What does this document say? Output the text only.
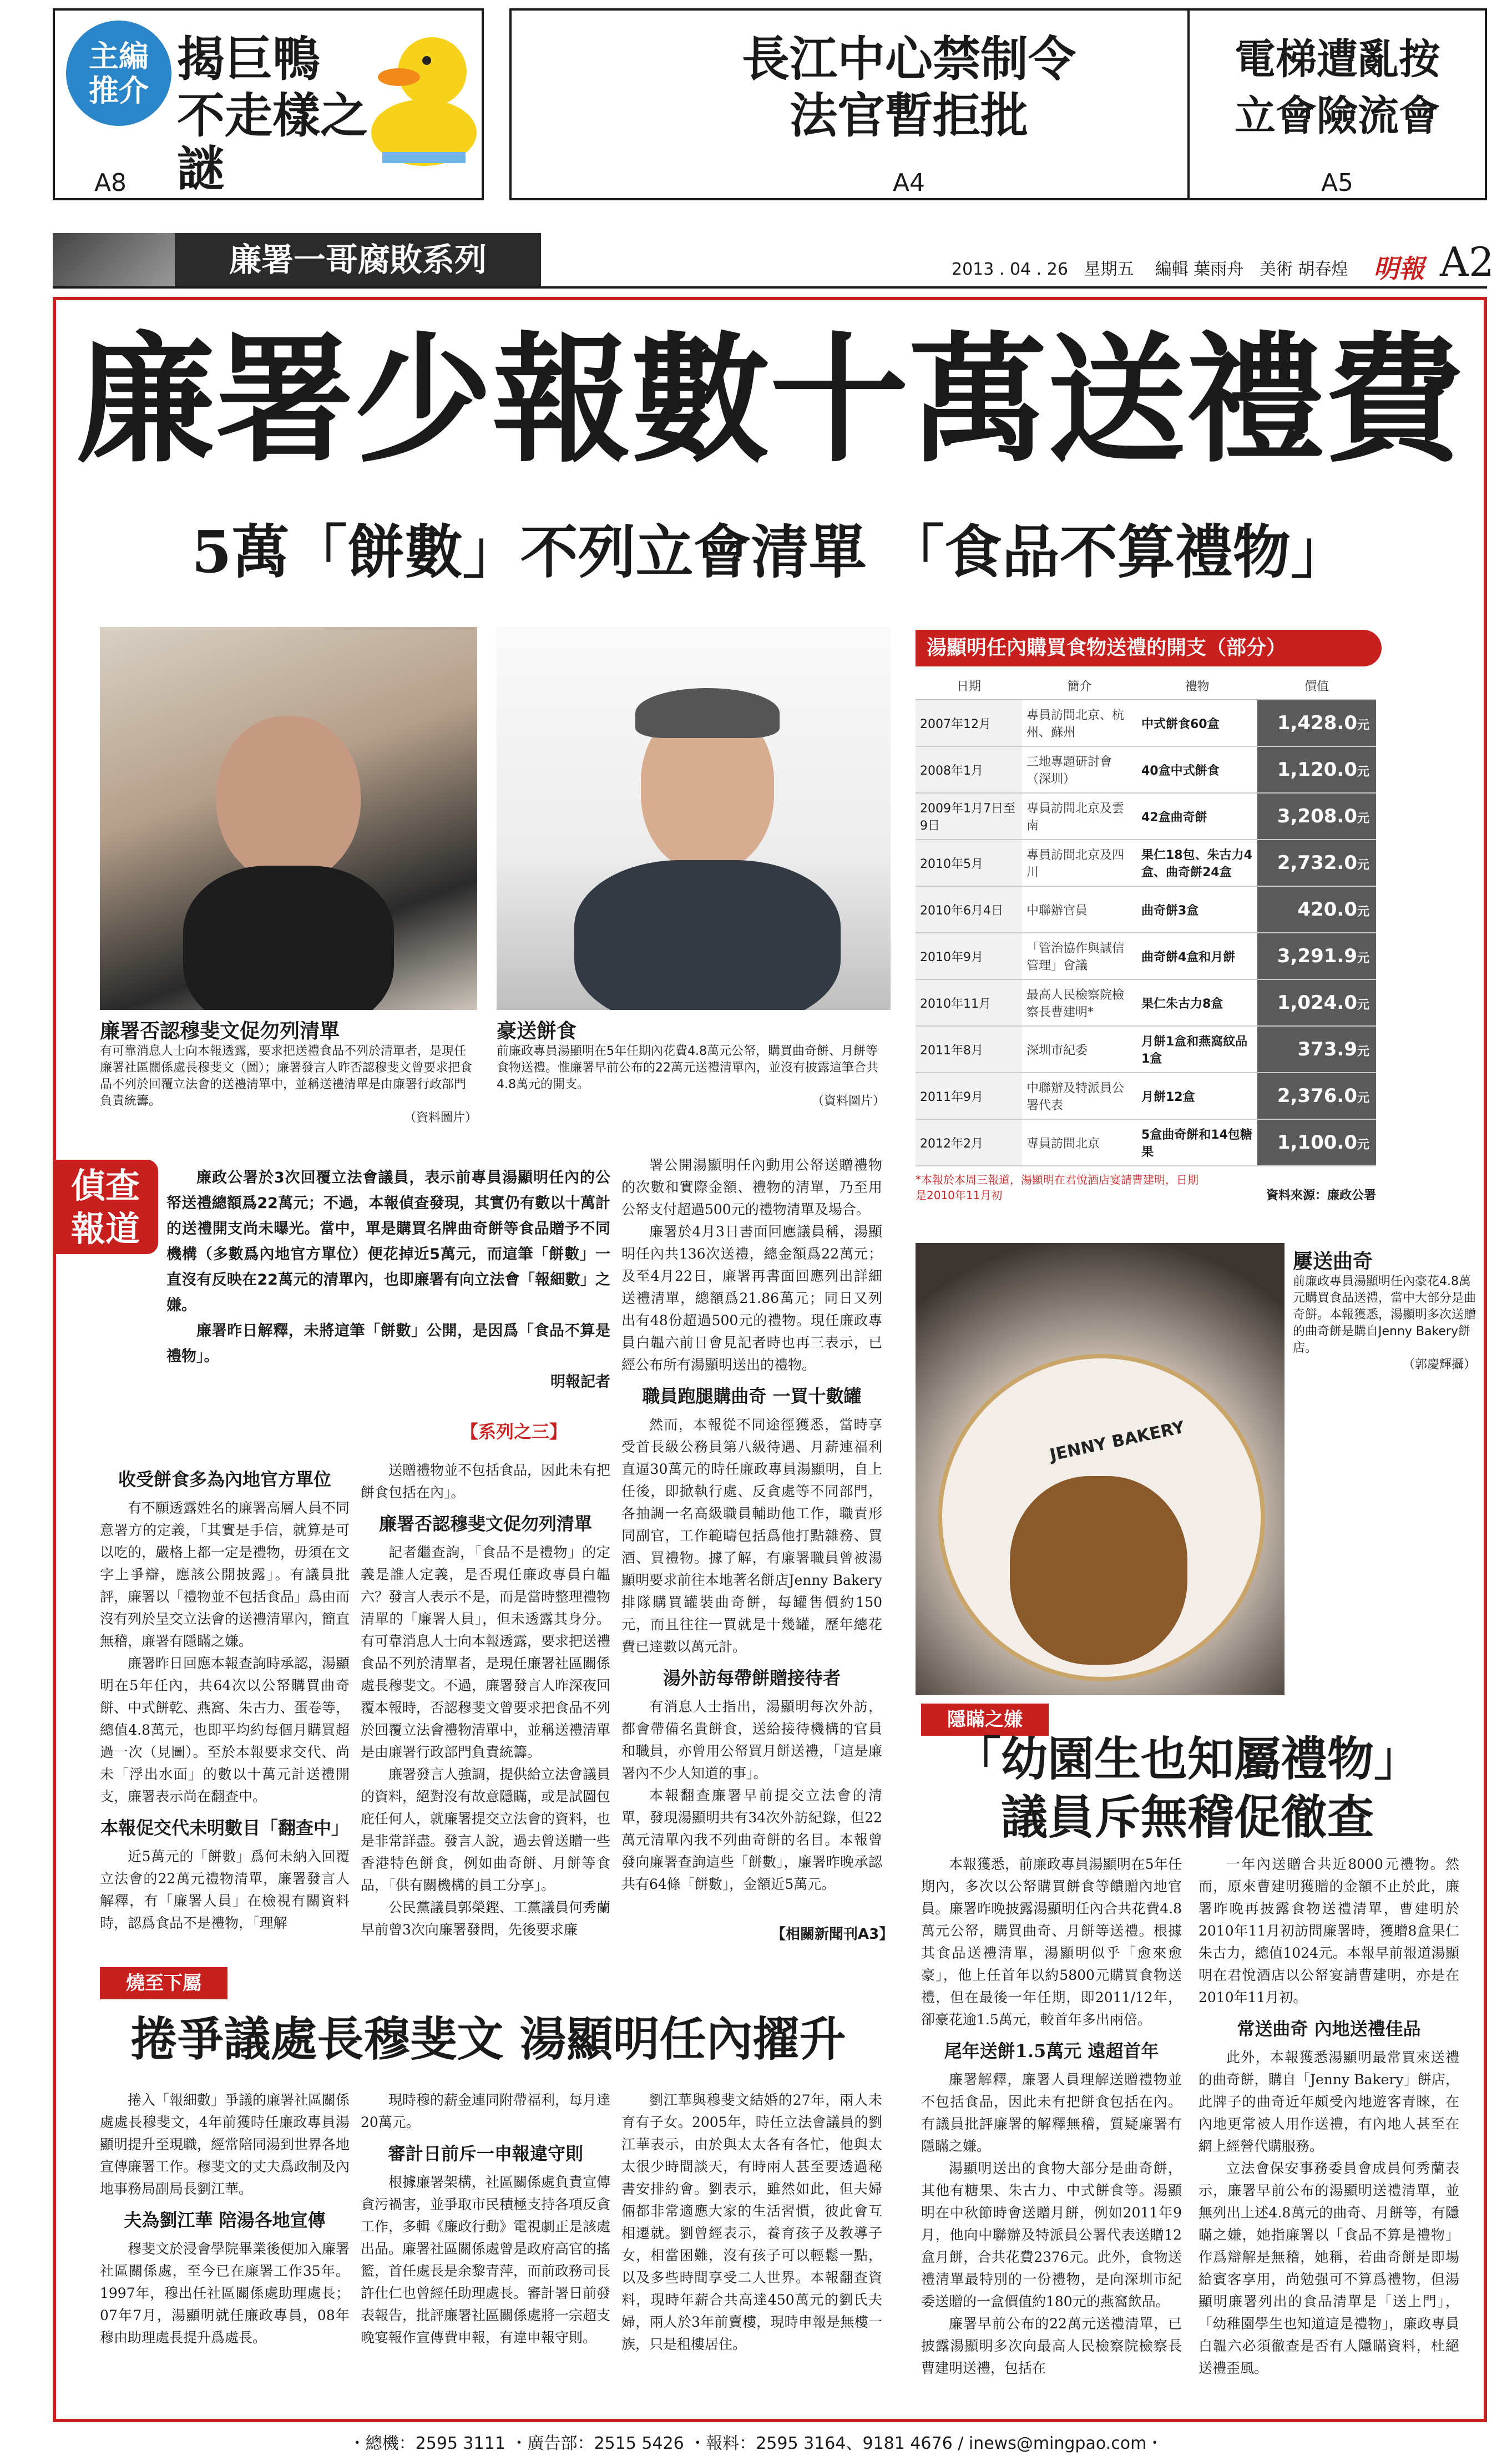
主編推介
揭巨鴨
不走樣之謎
A8
長江中心禁制令
法官暫拒批
A4
電梯遭亂按
立會險流會
A5
廉署一哥腐敗系列	2013 . 04 . 26 星期五 編輯 葉雨舟 美術 胡春煌 明報 A2
廉署少報數十萬送禮費
5萬「餅數」不列立會清單 「食品不算禮物」
廉署否認穆斐文促勿列清單
有可靠消息人士向本報透露，要求把送禮食品不列於清單者，是現任廉署社區關係處長穆斐文（圖）；廉署發言人昨否認穆斐文曾要求把食品不列於回覆立法會的送禮清單中，並稱送禮清單是由廉署行政部門負責統籌。
（資料圖片）
豪送餅食
前廉政專員湯顯明在5年任期內花費4.8萬元公帑，購買曲奇餅、月餅等食物送禮。惟廉署早前公布的22萬元送禮清單內，並沒有披露這筆合共4.8萬元的開支。
（資料圖片）
湯顯明任內購買食物送禮的開支（部分）
日期	簡介	禮物	價值
2007年12月	專員訪問北京、杭州、蘇州	中式餅食60盒	1,428.0元
2008年1月	三地專題研討會（深圳）	40盒中式餅食	1,120.0元
2009年1月7日至9日	專員訪問北京及雲南	42盒曲奇餅	3,208.0元
2010年5月	專員訪問北京及四川	果仁18包、朱古力4盒、曲奇餅24盒	2,732.0元
2010年6月4日	中聯辦官員	曲奇餅3盒	420.0元
2010年9月	「管治協作與誠信管理」會議	曲奇餅4盒和月餅	3,291.9元
2010年11月	最高人民檢察院檢察長曹建明*	果仁朱古力8盒	1,024.0元
2011年8月	深圳市紀委	月餅1盒和燕窩紋品1盒	373.9元
2011年9月	中聯辦及特派員公署代表	月餅12盒	2,376.0元
2012年2月	專員訪問北京	5盒曲奇餅和14包糖果	1,100.0元
*本報於本周三報道，湯顯明在君悅酒店宴請曹建明，日期是2010年11月初	資料來源：廉政公署
JENNY BAKERY
屢送曲奇
前廉政專員湯顯明任內豪花4.8萬元購買食品送禮，當中大部分是曲奇餅。本報獲悉，湯顯明多次送贈的曲奇餅是購自Jenny Bakery餅店。
（郭慶輝攝）
偵查報道
廉政公署於3次回覆立法會議員，表示前專員湯顯明任內的公帑送禮總額爲22萬元；不過，本報偵查發現，其實仍有數以十萬計的送禮開支尚未曝光。當中，單是購買名牌曲奇餅等食品贈予不同機構（多數爲內地官方單位）便花掉近5萬元，而這筆「餅數」一直沒有反映在22萬元的清單內，也即廉署有向立法會「報細數」之嫌。
廉署昨日解釋，未將這筆「餅數」公開，是因爲「食品不算是禮物」。
明報記者
【系列之三】
收受餅食多為內地官方單位

有不願透露姓名的廉署高層人員不同意署方的定義，「其實是手信，就算是可以吃的，嚴格上都一定是禮物，毋須在文字上爭辯，應該公開披露」。有議員批評，廉署以「禮物並不包括食品」爲由而沒有列於呈交立法會的送禮清單內，簡直無稽，廉署有隱瞞之嫌。

廉署昨日回應本報查詢時承認，湯顯明在5年任內，共64次以公帑購買曲奇餅、中式餅乾、燕窩、朱古力、蛋卷等，總值4.8萬元，也即平均約每個月購買超過一次（見圖）。至於本報要求交代、尚未「浮出水面」的數以十萬元計送禮開支，廉署表示尚在翻查中。

本報促交代未明數目「翻查中」

近5萬元的「餅數」爲何未納入回覆立法會的22萬元禮物清單，廉署發言人解釋，有「廉署人員」在檢視有關資料時，認爲食品不是禮物，「理解

送贈禮物並不包括食品，因此未有把餅食包括在內」。

廉署否認穆斐文促勿列清單

記者繼查詢，「食品不是禮物」的定義是誰人定義，是否現任廉政專員白韞六？發言人表示不是，而是當時整理禮物清單的「廉署人員」，但未透露其身分。有可靠消息人士向本報透露，要求把送禮食品不列於清單者，是現任廉署社區關係處長穆斐文。不過，廉署發言人昨深夜回覆本報時，否認穆斐文曾要求把食品不列於回覆立法會禮物清單中，並稱送禮清單是由廉署行政部門負責統籌。

廉署發言人強調，提供給立法會議員的資料，絕對沒有故意隱瞞，或是試圖包庇任何人，就廉署提交立法會的資料，也是非常詳盡。發言人說，過去曾送贈一些香港特色餅食，例如曲奇餅、月餅等食品，「供有關機構的員工分享」。

公民黨議員郭榮鏗、工黨議員何秀蘭早前曾3次向廉署發問，先後要求廉

署公開湯顯明任內動用公帑送贈禮物的次數和實際金額、禮物的清單，乃至用公帑支付超過500元的禮物清單及場合。

廉署於4月3日書面回應議員稱，湯顯明任內共136次送禮，總金額爲22萬元；及至4月22日，廉署再書面回應列出詳細送禮清單，總額爲21.86萬元；同日又列出有48份超過500元的禮物。現任廉政專員白韞六前日會見記者時也再三表示，已經公布所有湯顯明送出的禮物。

職員跑腿購曲奇 一買十數罐

然而，本報從不同途徑獲悉，當時享受首長級公務員第八級待遇、月薪連福利直逼30萬元的時任廉政專員湯顯明，自上任後，即掀執行處、反貪處等不同部門，各抽調一名高級職員輔助他工作，職責形同副官，工作範疇包括爲他打點雜務、買酒、買禮物。據了解，有廉署職員曾被湯顯明要求前往本地著名餅店Jenny Bakery排隊購買罐裝曲奇餅，每罐售價約150元，而且往往一買就是十幾罐，歷年總花費已達數以萬元計。

湯外訪每帶餅贈接待者

有消息人士指出，湯顯明每次外訪，都會帶備名貴餅食，送給接待機構的官員和職員，亦曾用公帑買月餅送禮，「這是廉署內不少人知道的事」。

本報翻查廉署早前提交立法會的清單，發現湯顯明共有34次外訪紀錄，但22萬元清單內我不列曲奇餅的名目。本報曾發向廉署查詢這些「餅數」，廉署昨晚承認共有64條「餅數」，金額近5萬元。

【相關新聞刊A3】
隱瞞之嫌
「幼園生也知屬禮物」
議員斥無稽促徹查

本報獲悉，前廉政專員湯顯明在5年任期內，多次以公帑購買餅食等饋贈內地官員。廉署昨晚披露湯顯明任內合共花費4.8萬元公帑，購買曲奇、月餅等送禮。根據其食品送禮清單，湯顯明似乎「愈來愈豪」，他上任首年以約5800元購買食物送禮，但在最後一年任期，即2011/12年，卻豪花逾1.5萬元，較首年多出兩倍。

尾年送餅1.5萬元 遠超首年

廉署解釋，廉署人員理解送贈禮物並不包括食品，因此未有把餅食包括在內。有議員批評廉署的解釋無稽，質疑廉署有隱瞞之嫌。

湯顯明送出的食物大部分是曲奇餅，其他有糖果、朱古力、中式餅食等。湯顯明在中秋節時會送贈月餅，例如2011年9月，他向中聯辦及特派員公署代表送贈12盒月餅，合共花費2376元。此外，食物送禮清單最特別的一份禮物，是向深圳市紀委送贈的一盒價值約180元的燕窩飲品。

廉署早前公布的22萬元送禮清單，已披露湯顯明多次向最高人民檢察院檢察長曹建明送禮，包括在

一年內送贈合共近8000元禮物。然而，原來曹建明獲贈的金額不止於此，廉署昨晚再披露食物送禮清單，曹建明於2010年11月初訪問廉署時，獲贈8盒果仁朱古力，總值1024元。本報早前報道湯顯明在君悅酒店以公帑宴請曹建明，亦是在2010年11月初。

常送曲奇 內地送禮佳品

此外，本報獲悉湯顯明最常買來送禮的曲奇餅，購自「Jenny Bakery」餅店，此牌子的曲奇近年頗受內地遊客青睞，在內地更常被人用作送禮，有內地人甚至在網上經營代購服務。

立法會保安事務委員會成員何秀蘭表示，廉署早前公布的湯顯明送禮清單，並無列出上述4.8萬元的曲奇、月餅等，有隱瞞之嫌，她指廉署以「食品不算是禮物」作爲辯解是無稽，她稱，若曲奇餅是即場給賓客享用，尚勉强可不算爲禮物，但湯顯明廉署列出的食品清單是「送上門」，「幼稚園學生也知道這是禮物」，廉政專員白韞六必須徹查是否有人隱瞞資料，杜絕送禮歪風。

燒至下屬
捲爭議處長穆斐文 湯顯明任內擢升

捲入「報細數」爭議的廉署社區關係處處長穆斐文，4年前獲時任廉政專員湯顯明提升至現職，經常陪同湯到世界各地宣傳廉署工作。穆斐文的丈夫爲政制及內地事務局副局長劉江華。

夫為劉江華 陪湯各地宣傳

穆斐文於浸會學院畢業後便加入廉署社區關係處，至今已在廉署工作35年。1997年，穆出任社區關係處助理處長；07年7月，湯顯明就任廉政專員，08年穆由助理處長提升爲處長。

現時穆的薪金連同附帶福利，每月達20萬元。

審計日前斥一申報違守則

根據廉署架構，社區關係處負責宣傳貪污禍害，並爭取市民積極支持各項反貪工作，多輯《廉政行動》電視劇正是該處出品。廉署社區關係處曾是政府高官的搖籃，首任處長是余黎青萍，而前政務司長許仕仁也曾經任助理處長。審計署日前發表報告，批評廉署社區關係處將一宗超支晚宴報作宣傳費申報，有違申報守則。

劉江華與穆斐文結婚的27年，兩人未育有子女。2005年，時任立法會議員的劉江華表示，由於與太太各有各忙，他與太太很少時間談天，有時兩人甚至要透過秘書安排約會。劉表示，雖然如此，但夫婦倆都非常適應大家的生活習慣，彼此會互相遷就。劉曾經表示，養育孩子及教導子女，相當困難，沒有孩子可以輕鬆一點，以及多些時間享受二人世界。本報翻查資料，現時年薪合共高達450萬元的劉氏夫婦，兩人於3年前賣樓，現時申報是無樓一族，只是租樓居住。

・總機：2595 3111 ・廣告部：2515 5426 ・報料：2595 3164、9181 4676 / inews@mingpao.com・
